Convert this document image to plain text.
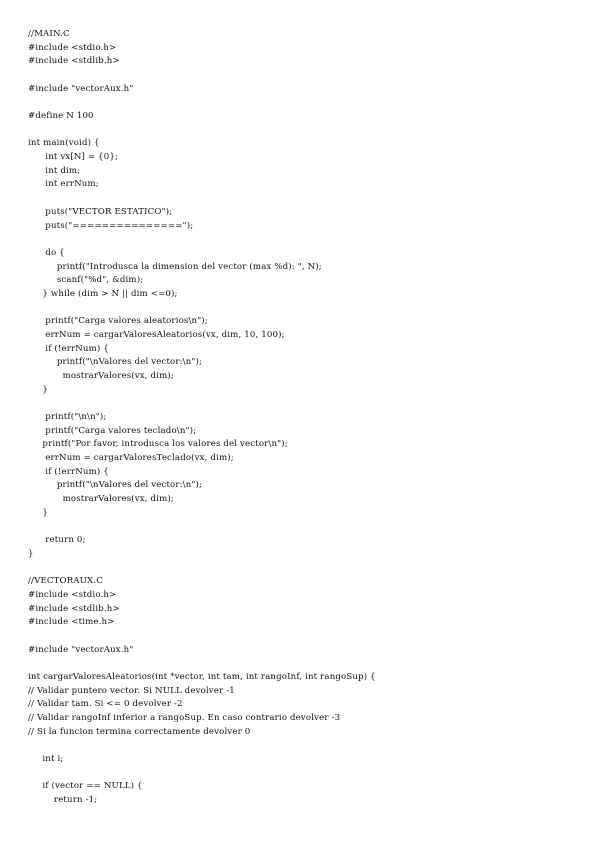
//MAIN.C
#include <stdio.h>
#include <stdlib.h>
#include "vectorAux.h"
#define N 100
int main(void) {
int vx[N] = {0};
int dim;
int errNum;
puts("VECTOR ESTATICO");
puts("===============");
do {
printf("Introdusca la dimension del vector (max %d): ", N);
scanf("%d", &dim);
} while (dim > N || dim <=0);
printf("Carga valores aleatorios\n");
errNum = cargarValoresAleatorios(vx, dim, 10, 100);
if (!errNum) {
printf("\nValores del vector:\n");
mostrarValores(vx, dim);
}
printf("\n\n");
printf("Carga valores teclado\n");
printf("Por favor, introdusca los valores del vector\n");
errNum = cargarValoresTeclado(vx, dim);
if (!errNum) {
printf("\nValores del vector:\n");
mostrarValores(vx, dim);
}
return 0;
}
//VECTORAUX.C
#include <stdio.h>
#include <stdlib.h>
#include <time.h>
#include "vectorAux.h"
int cargarValoresAleatorios(int *vector, int tam, int rangoInf, int rangoSup) {
// Validar puntero vector. Si NULL devolver -1
// Validar tam. Si <= 0 devolver -2
// Validar rangoInf inferior a rangoSup. En caso contrario devolver -3
// Si la funcion termina correctamente devolver 0
int i;
if (vector == NULL) {
return -1;
